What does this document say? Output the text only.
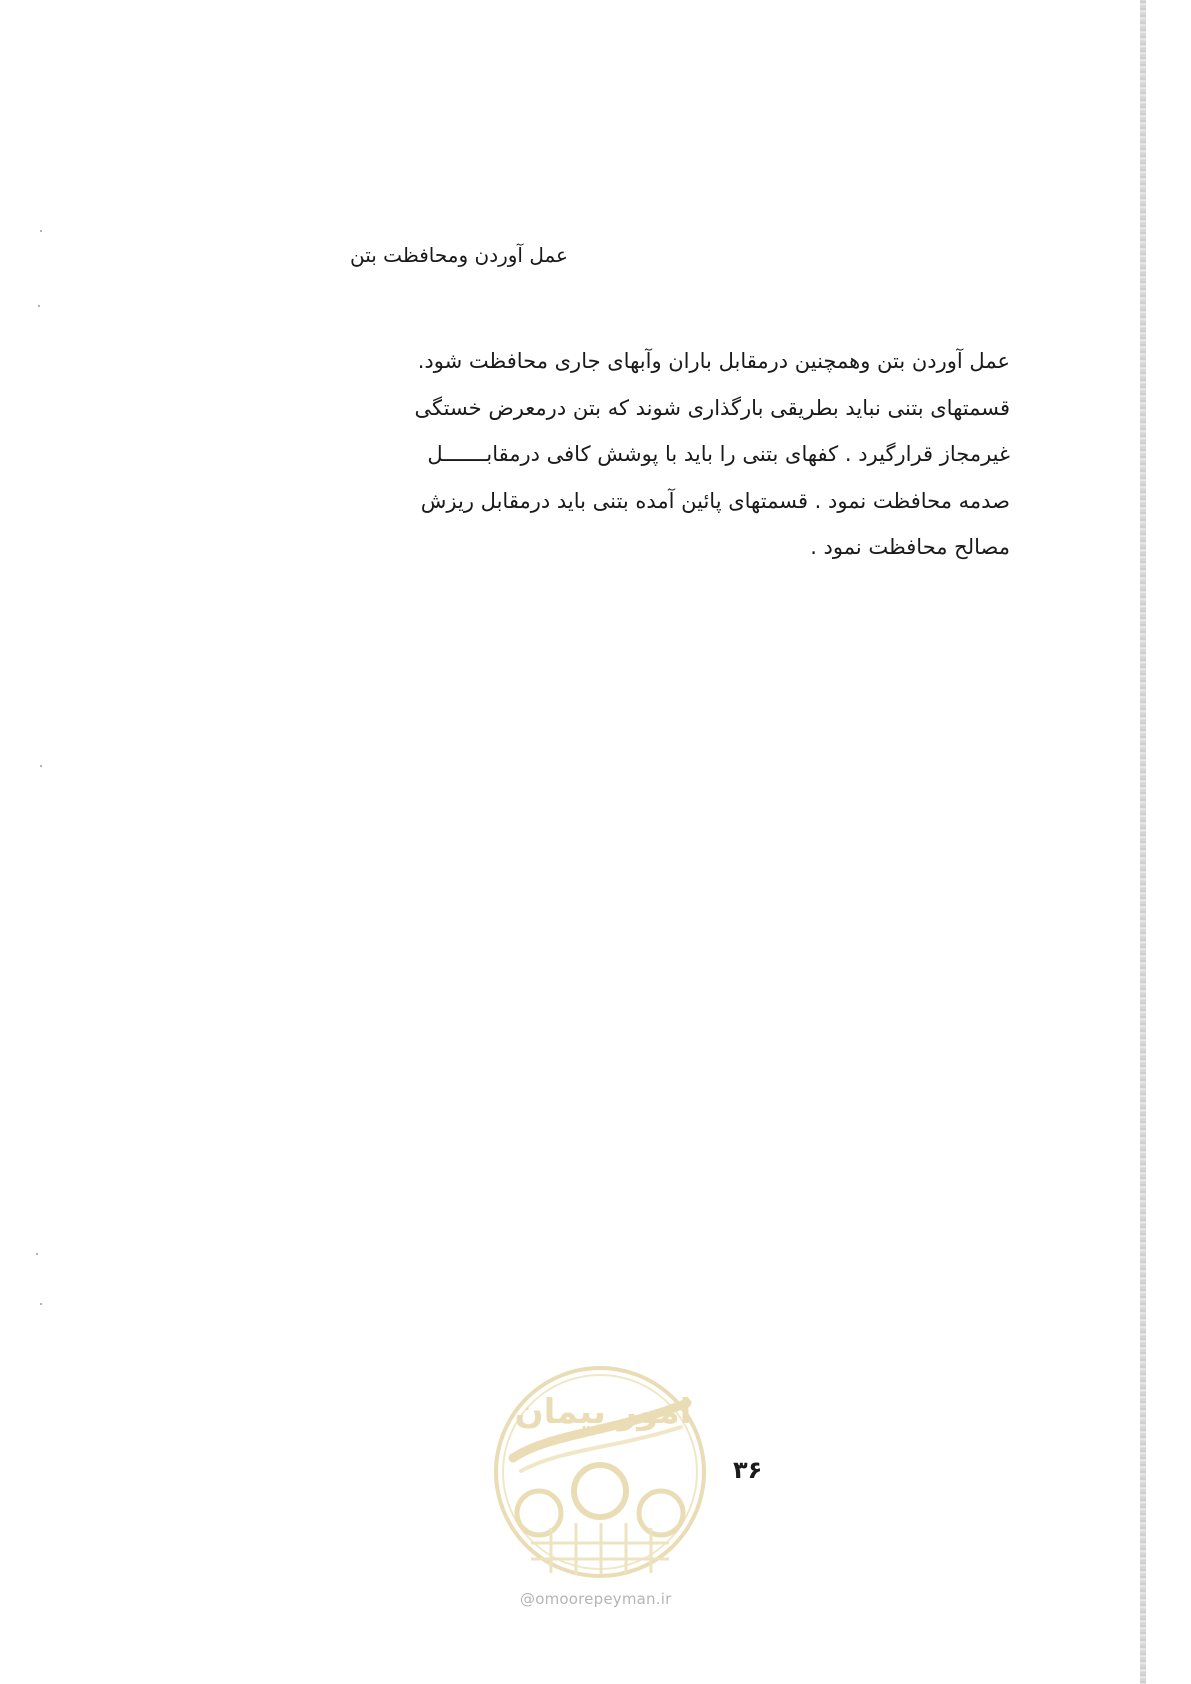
عمل آوردن ومحافظت بتن
عمل آوردن بتن وهمچنین درمقابل باران وآبهای جاری محافظت شود.
قسمتهای بتنی نباید بطریقی بارگذاری شوند که بتن درمعرض خستگی
غیرمجاز قرارگیرد . کفهای بتنی را باید با پوشش کافی درمقابـــــــل
صدمه محافظت نمود . قسمتهای پائین آمده بتنی باید درمقابل ریزش
مصالح محافظت نمود .
امور پیمان
@omoorepeyman.ir
۳۶
